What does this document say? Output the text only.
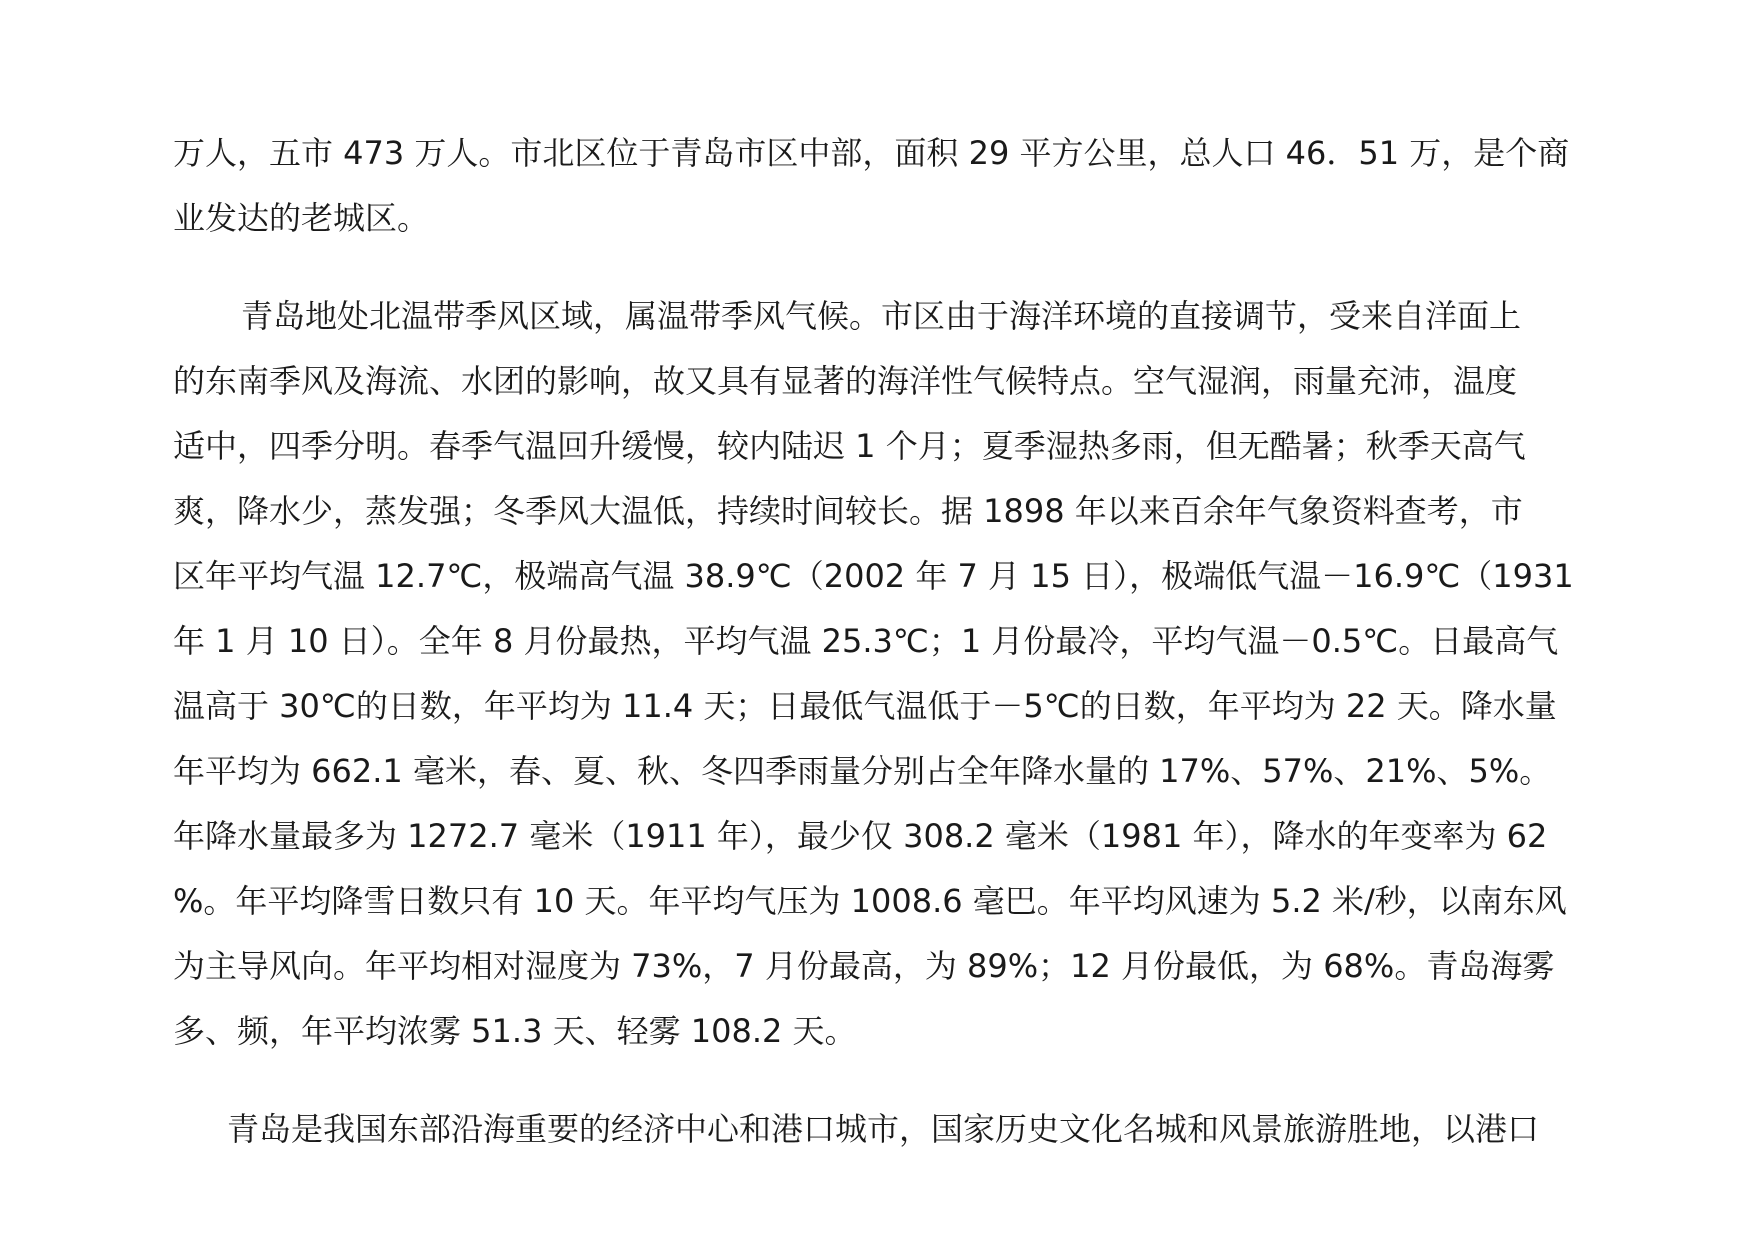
万人，五市 473 万人。市北区位于青岛市区中部，面积 29 平方公里，总人口 46．51 万，是个商
业发达的老城区。
青岛地处北温带季风区域，属温带季风气候。市区由于海洋环境的直接调节，受来自洋面上
的东南季风及海流、水团的影响，故又具有显著的海洋性气候特点。空气湿润，雨量充沛，温度
适中，四季分明。春季气温回升缓慢，较内陆迟 1 个月；夏季湿热多雨，但无酷暑；秋季天高气
爽，降水少，蒸发强；冬季风大温低，持续时间较长。据 1898 年以来百余年气象资料查考，市
区年平均气温 12.7℃，极端高气温 38.9℃（2002 年 7 月 15 日），极端低气温－16.9℃（1931
年 1 月 10 日）。全年 8 月份最热，平均气温 25.3℃；1 月份最冷，平均气温－0.5℃。日最高气
温高于 30℃的日数，年平均为 11.4 天；日最低气温低于－5℃的日数，年平均为 22 天。降水量
年平均为 662.1 毫米，春、夏、秋、冬四季雨量分别占全年降水量的 17%、57%、21%、5%。
年降水量最多为 1272.7 毫米（1911 年），最少仅 308.2 毫米（1981 年），降水的年变率为 62
%。年平均降雪日数只有 10 天。年平均气压为 1008.6 毫巴。年平均风速为 5.2 米/秒，以南东风
为主导风向。年平均相对湿度为 73%，7 月份最高，为 89%；12 月份最低，为 68%。青岛海雾
多、频，年平均浓雾 51.3 天、轻雾 108.2 天。
青岛是我国东部沿海重要的经济中心和港口城市，国家历史文化名城和风景旅游胜地，以港口
